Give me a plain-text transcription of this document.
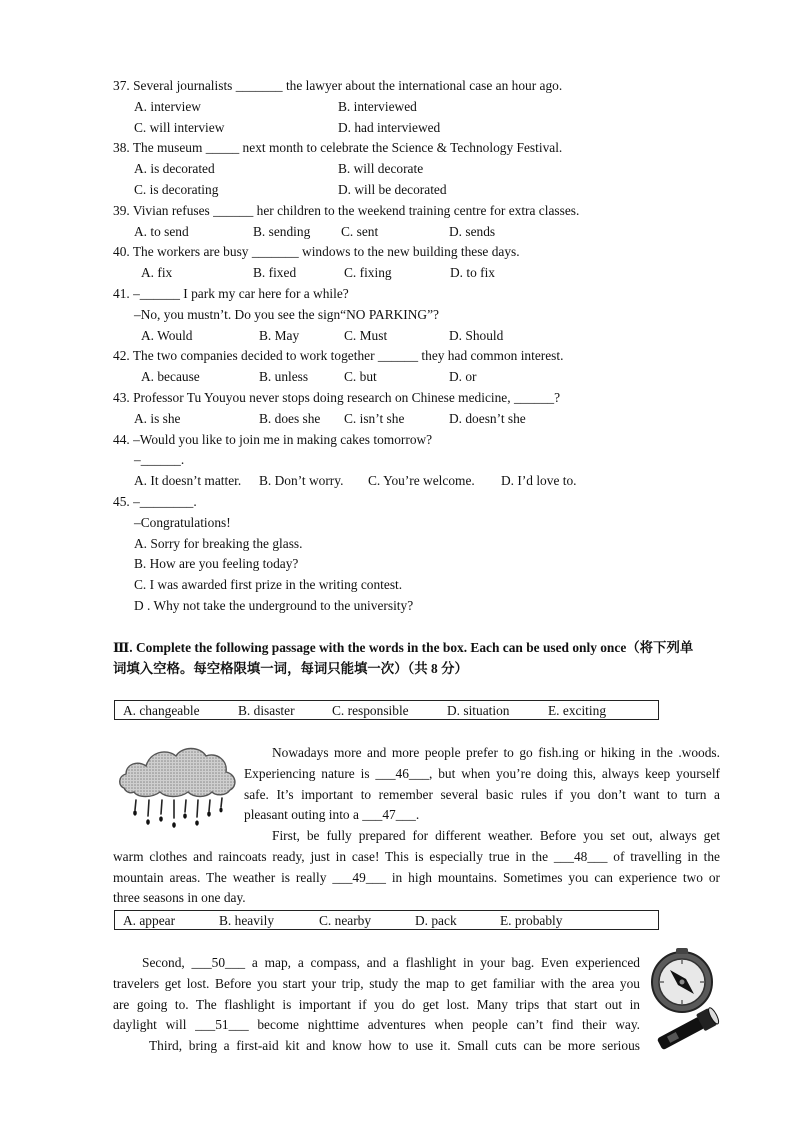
37. Several journalists _______ the lawyer about the international case an hour ago.
A. interview	B. interviewed
C. will interview	D. had interviewed
38. The museum _____ next month to celebrate the Science & Technology Festival.
A. is decorated	B. will decorate
C. is decorating	D. will be decorated
39. Vivian refuses ______ her children to the weekend training centre for extra classes.
A. to send	B. sending C. sent	D. sends
40. The workers are busy _______ windows to the new building these days.
A. fix	B. fixed	C. fixing	D. to fix
41. –______ I park my car here for a while?
–No, you mustn’t. Do you see the sign“NO PARKING”?
A. Would	B. May	C. Must	D. Should
42. The two companies decided to work together ______ they had common interest.
A. because	B. unless	C. but	D. or
43. Professor Tu Youyou never stops doing research on Chinese medicine, ______?
A. is she	B. does she C. isn’t she	D. doesn’t she
44. –Would you like to join me in making cakes tomorrow?
–______.
A. It doesn’t matter. B. Don’t worry. C. You’re welcome. D. I’d love to.
45. –________.
–Congratulations!
A. Sorry for breaking the glass.
B. How are you feeling today?
C. I was awarded first prize in the writing contest.
D . Why not take the underground to the university?
Ⅲ. Complete the following passage with the words in the box. Each can be used only once（将下列单
词填入空格。每空格限填一词，每词只能填一次）（共 8 分）
A. changeable	B. disaster	C. responsible	D. situation	E. exciting

Nowadays more and more people prefer to go fish.ing or hiking in the .woods.

Experiencing nature is ___46___, but when you’re doing this, always keep yourself

safe. It’s important to remember several basic rules if you don’t want to turn a

pleasant outing into a ___47___.

First, be fully prepared for different weather. Before you set out, always get

warm clothes and raincoats ready, just in case! This is especially true in the ___48___ of travelling in the

mountain areas. The weather is really ___49___ in high mountains. Sometimes you can experience two or

three seasons in one day.

A. appear	B. heavily	C. nearby	D. pack	E. probably

Second, ___50___ a map, a compass, and a flashlight in your bag. Even experienced

travelers get lost. Before you start your trip, study the map to get familiar with the area you

are going to. The flashlight is important if you do get lost. Many trips that start out in

daylight will ___51___ become nighttime adventures when people can’t find their way.

Third, bring a first-aid kit and know how to use it. Small cuts can be more serious
